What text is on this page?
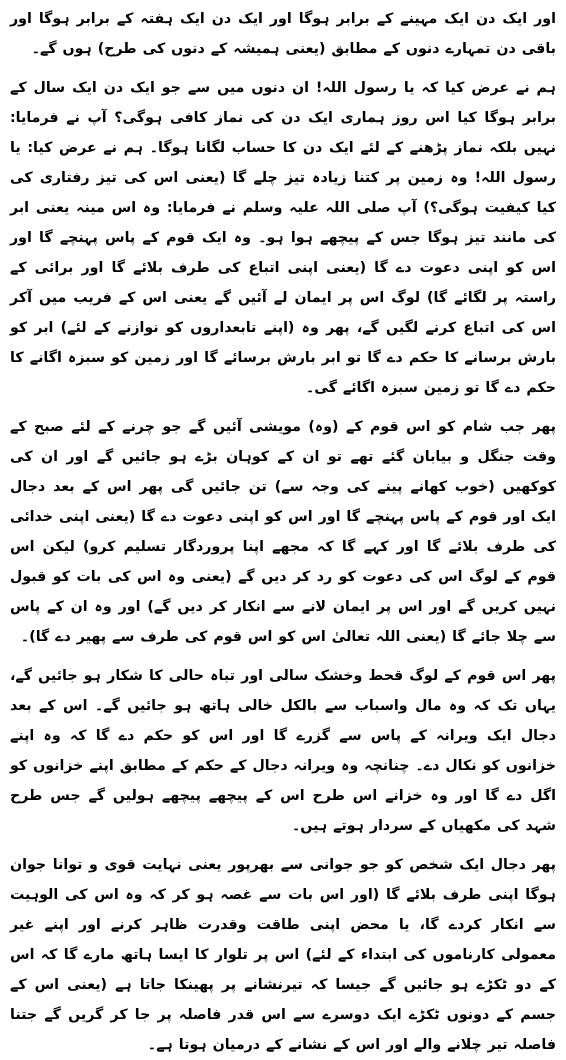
اور ایک دن ایک مہینے کے برابر ہوگا اور ایک دن ایک ہفتہ کے برابر ہوگا اور باقی دن تمہارے دنوں کے مطابق (یعنی ہمیشہ کے دنوں کی طرح) ہوں گے۔

ہم نے عرض کیا کہ یا رسول اللہ! ان دنوں میں سے جو ایک دن ایک سال کے برابر ہوگا کیا اس روز ہماری ایک دن کی نماز کافی ہوگی؟ آپ نے فرمایا: نہیں بلکہ نماز پڑھنے کے لئے ایک دن کا حساب لگانا ہوگا۔ ہم نے عرض کیا: یا رسول اللہ! وہ زمین پر کتنا زیادہ تیز چلے گا (یعنی اس کی تیز رفتاری کی کیا کیفیت ہوگی؟) آپ صلی اللہ علیہ وسلم نے فرمایا: وہ اس مینہ یعنی ابر کی مانند تیز ہوگا جس کے پیچھے ہوا ہو۔ وہ ایک قوم کے پاس پہنچے گا اور اس کو اپنی دعوت دے گا (یعنی اپنی اتباع کی طرف بلائے گا اور برائی کے راستہ پر لگائے گا) لوگ اس پر ایمان لے آئیں گے یعنی اس کے فریب میں آکر اس کی اتباع کرنے لگیں گے، پھر وہ (اپنے تابعداروں کو نوازنے کے لئے) ابر کو بارش برسانے کا حکم دے گا تو ابر بارش برسائے گا اور زمین کو سبزہ اگانے کا حکم دے گا تو زمین سبزہ اگائے گی۔

پھر جب شام کو اس قوم کے (وہ) مویشی آئیں گے جو چرنے کے لئے صبح کے وقت جنگل و بیابان گئے تھے تو ان کے کوہان بڑے ہو جائیں گے اور ان کی کوکھیں (خوب کھانے پینے کی وجہ سے) تن جائیں گی پھر اس کے بعد دجال ایک اور قوم کے پاس پہنچے گا اور اس کو اپنی دعوت دے گا (یعنی اپنی خدائی کی طرف بلائے گا اور کہے گا کہ مجھے اپنا پروردگار تسلیم کرو) لیکن اس قوم کے لوگ اس کی دعوت کو رد کر دیں گے (یعنی وہ اس کی بات کو قبول نہیں کریں گے اور اس پر ایمان لانے سے انکار کر دیں گے) اور وہ ان کے پاس سے چلا جائے گا (یعنی اللہ تعالیٰ اس کو اس قوم کی طرف سے پھیر دے گا)۔

پھر اس قوم کے لوگ قحط وخشک سالی اور تباہ حالی کا شکار ہو جائیں گے، یہاں تک کہ وہ مال واسباب سے بالکل خالی ہاتھ ہو جائیں گے۔ اس کے بعد دجال ایک ویرانہ کے پاس سے گزرے گا اور اس کو حکم دے گا کہ وہ اپنے خزانوں کو نکال دے۔ چنانچہ وہ ویرانہ دجال کے حکم کے مطابق اپنے خزانوں کو اگل دے گا اور وہ خزانے اس طرح اس کے پیچھے پیچھے ہولیں گے جس طرح شہد کی مکھیاں کے سردار ہوتے ہیں۔

پھر دجال ایک شخص کو جو جوانی سے بھرپور یعنی نہایت قوی و توانا جوان ہوگا اپنی طرف بلائے گا (اور اس بات سے غصہ ہو کر کہ وہ اس کی الوہیت سے انکار کردے گا، یا محض اپنی طاقت وقدرت ظاہر کرنے اور اپنے غیر معمولی کارناموں کی ابتداء کے لئے) اس پر تلوار کا ایسا ہاتھ مارے گا کہ اس کے دو ٹکڑے ہو جائیں گے جیسا کہ تیرنشانے پر پھینکا جاتا ہے (یعنی اس کے جسم کے دونوں ٹکڑے ایک دوسرے سے اس قدر فاصلہ پر جا کر گریں گے جتنا فاصلہ تیر چلانے والے اور اس کے نشانے کے درمیان ہوتا ہے۔
